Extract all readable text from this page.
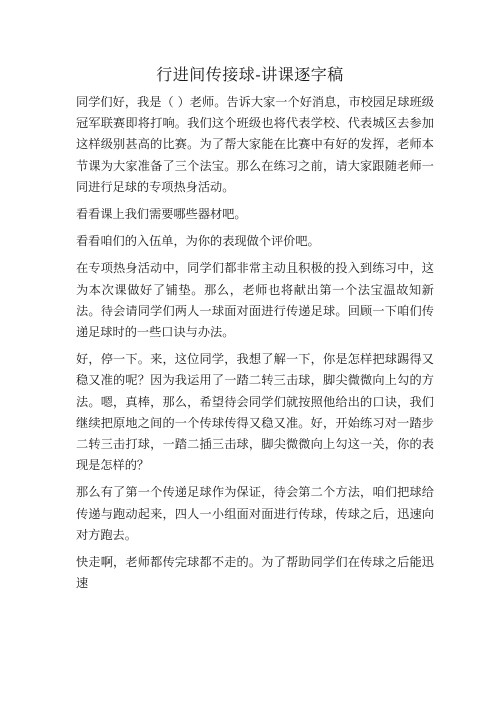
行进间传接球-讲课逐字稿

同学们好，我是（ ）老师。告诉大家一个好消息，市校园足球班级冠军联赛即将打响。我们这个班级也将代表学校、代表城区去参加这样级别甚高的比赛。为了帮大家能在比赛中有好的发挥，老师本节课为大家准备了三个法宝。那么在练习之前，请大家跟随老师一同进行足球的专项热身活动。

看看课上我们需要哪些器材吧。

看看咱们的入伍单，为你的表现做个评价吧。

在专项热身活动中，同学们都非常主动且积极的投入到练习中，这为本次课做好了铺垫。那么，老师也将献出第一个法宝温故知新法。待会请同学们两人一球面对面进行传递足球。回顾一下咱们传递足球时的一些口诀与办法。

好，停一下。来，这位同学，我想了解一下，你是怎样把球踢得又稳又准的呢？因为我运用了一踏二转三击球，脚尖微微向上勾的方法。嗯，真棒，那么，希望待会同学们就按照他给出的口诀，我们继续把原地之间的一个传球传得又稳又准。好，开始练习对一踏步二转三击打球，一踏二插三击球，脚尖微微向上勾这一关，你的表现是怎样的？

那么有了第一个传递足球作为保证，待会第二个方法，咱们把球给传递与跑动起来，四人一小组面对面进行传球，传球之后，迅速向对方跑去。

快走啊，老师都传完球都不走的。为了帮助同学们在传球之后能迅速
